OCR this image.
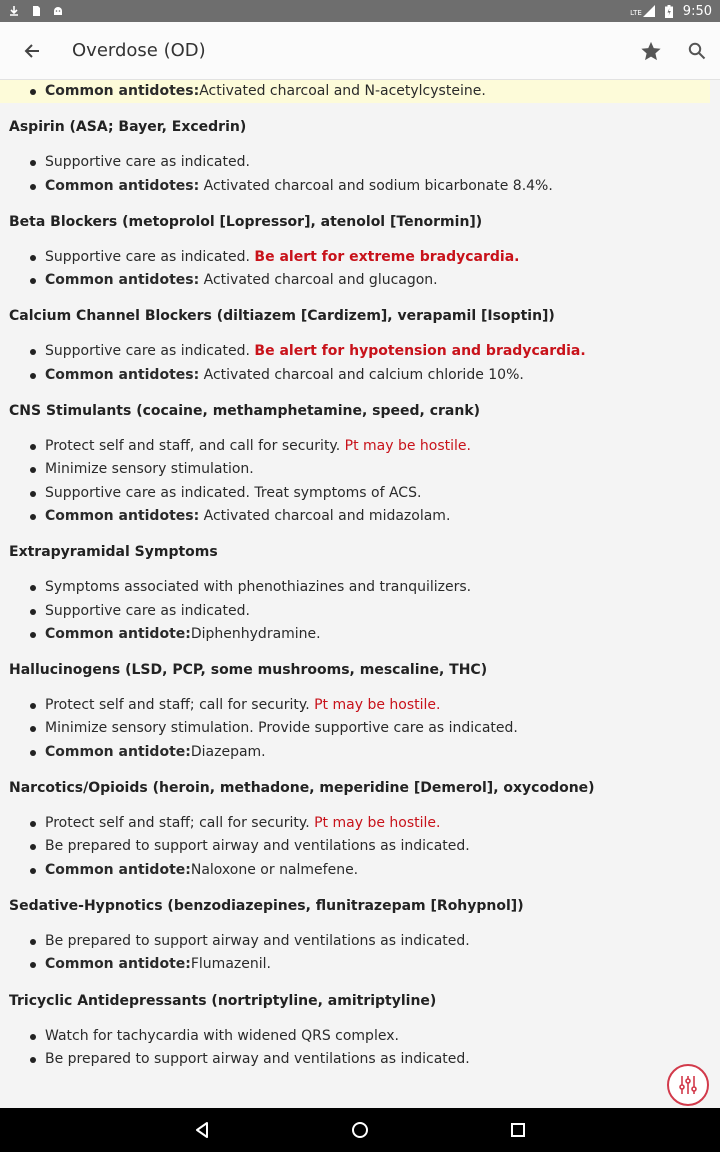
LTE	9:50
Overdose (OD)
Common antidotes:Activated charcoal and N-acetylcysteine.
Aspirin (ASA; Bayer, Excedrin)
Supportive care as indicated.
Common antidotes: Activated charcoal and sodium bicarbonate 8.4%.
Beta Blockers (metoprolol [Lopressor], atenolol [Tenormin])
Supportive care as indicated. Be alert for extreme bradycardia.
Common antidotes: Activated charcoal and glucagon.
Calcium Channel Blockers (diltiazem [Cardizem], verapamil [Isoptin])
Supportive care as indicated. Be alert for hypotension and bradycardia.
Common antidotes: Activated charcoal and calcium chloride 10%.
CNS Stimulants (cocaine, methamphetamine, speed, crank)
Protect self and staff, and call for security. Pt may be hostile.
Minimize sensory stimulation.
Supportive care as indicated. Treat symptoms of ACS.
Common antidotes: Activated charcoal and midazolam.
Extrapyramidal Symptoms
Symptoms associated with phenothiazines and tranquilizers.
Supportive care as indicated.
Common antidote:Diphenhydramine.
Hallucinogens (LSD, PCP, some mushrooms, mescaline, THC)
Protect self and staff; call for security. Pt may be hostile.
Minimize sensory stimulation. Provide supportive care as indicated.
Common antidote:Diazepam.
Narcotics/Opioids (heroin, methadone, meperidine [Demerol], oxycodone)
Protect self and staff; call for security. Pt may be hostile.
Be prepared to support airway and ventilations as indicated.
Common antidote:Naloxone or nalmefene.
Sedative-Hypnotics (benzodiazepines, flunitrazepam [Rohypnol])
Be prepared to support airway and ventilations as indicated.
Common antidote:Flumazenil.
Tricyclic Antidepressants (nortriptyline, amitriptyline)
Watch for tachycardia with widened QRS complex.
Be prepared to support airway and ventilations as indicated.
